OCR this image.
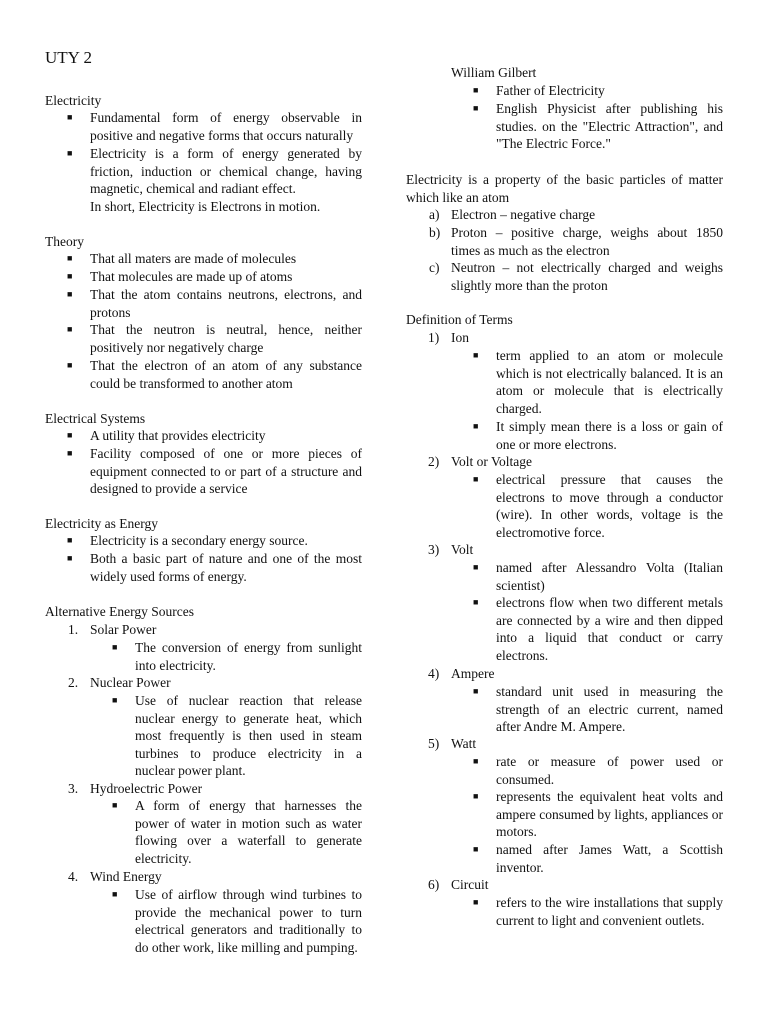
UTY 2
Electricity
■ Fundamental form of energy observable in positive and negative forms that occurs naturally
■ Electricity is a form of energy generated by friction, induction or chemical change, having magnetic, chemical and radiant effect.
In short, Electricity is Electrons in motion.
Theory
■ That all maters are made of molecules
■ That molecules are made up of atoms
■ That the atom contains neutrons, electrons, and protons
■ That the neutron is neutral, hence, neither positively nor negatively charge
■ That the electron of an atom of any substance could be transformed to another atom
Electrical Systems
■ A utility that provides electricity
■ Facility composed of one or more pieces of equipment connected to or part of a structure and designed to provide a service
Electricity as Energy
■ Electricity is a secondary energy source.
■ Both a basic part of nature and one of the most widely used forms of energy.
Alternative Energy Sources
1. Solar Power
■ The conversion of energy from sunlight into electricity.
2. Nuclear Power
■ Use of nuclear reaction that release nuclear energy to generate heat, which most frequently is then used in steam turbines to produce electricity in a nuclear power plant.
3. Hydroelectric Power
■ A form of energy that harnesses the power of water in motion such as water flowing over a waterfall to generate electricity.
4. Wind Energy
■ Use of airflow through wind turbines to provide the mechanical power to turn electrical generators and traditionally to do other work, like milling and pumping.
William Gilbert
■ Father of Electricity
■ English Physicist after publishing his studies. on the "Electric Attraction", and "The Electric Force."
Electricity is a property of the basic particles of matter which like an atom
a) Electron – negative charge
b) Proton – positive charge, weighs about 1850 times as much as the electron
c) Neutron – not electrically charged and weighs slightly more than the proton
Definition of Terms
1) Ion
■ term applied to an atom or molecule which is not electrically balanced. It is an atom or molecule that is electrically charged.
■ It simply mean there is a loss or gain of one or more electrons.
2) Volt or Voltage
■ electrical pressure that causes the electrons to move through a conductor (wire). In other words, voltage is the electromotive force.
3) Volt
■ named after Alessandro Volta (Italian scientist)
■ electrons flow when two different metals are connected by a wire and then dipped into a liquid that conduct or carry electrons.
4) Ampere
■ standard unit used in measuring the strength of an electric current, named after Andre M. Ampere.
5) Watt
■ rate or measure of power used or consumed.
■ represents the equivalent heat volts and ampere consumed by lights, appliances or motors.
■ named after James Watt, a Scottish inventor.
6) Circuit
■ refers to the wire installations that supply current to light and convenient outlets.
